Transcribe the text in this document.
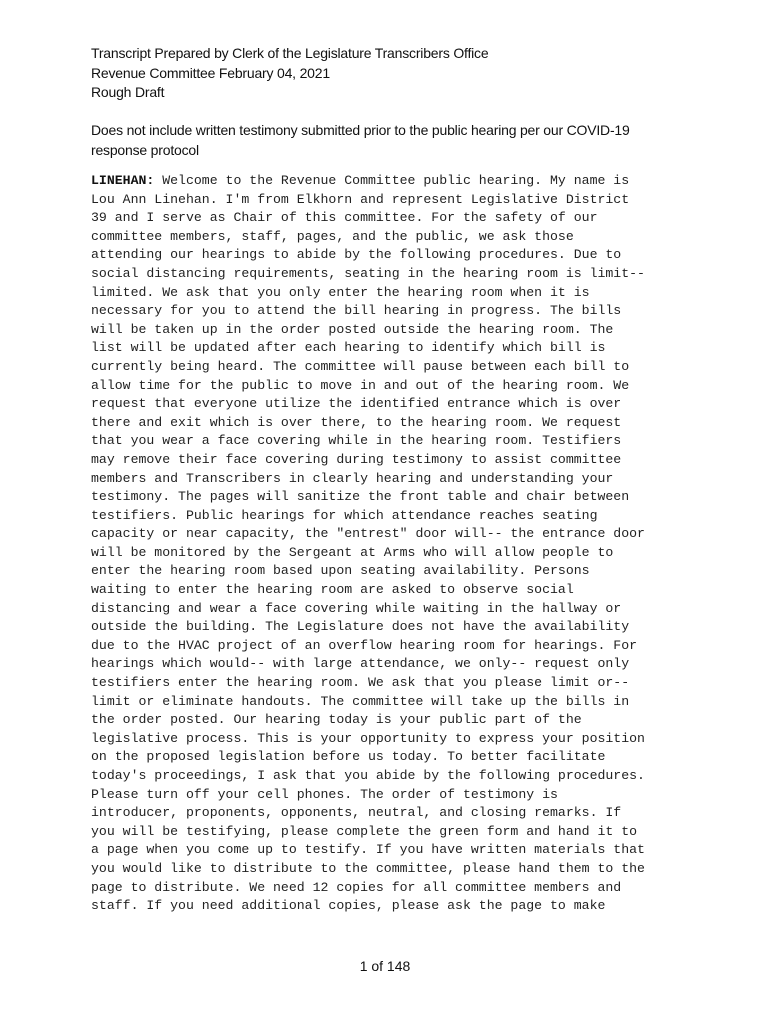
Transcript Prepared by Clerk of the Legislature Transcribers Office
Revenue Committee February 04, 2021
Rough Draft
Does not include written testimony submitted prior to the public hearing per our COVID-19
response protocol
LINEHAN: Welcome to the Revenue Committee public hearing. My name is
Lou Ann Linehan. I'm from Elkhorn and represent Legislative District
39 and I serve as Chair of this committee. For the safety of our
committee members, staff, pages, and the public, we ask those
attending our hearings to abide by the following procedures. Due to
social distancing requirements, seating in the hearing room is limit--
limited. We ask that you only enter the hearing room when it is
necessary for you to attend the bill hearing in progress. The bills
will be taken up in the order posted outside the hearing room. The
list will be updated after each hearing to identify which bill is
currently being heard. The committee will pause between each bill to
allow time for the public to move in and out of the hearing room. We
request that everyone utilize the identified entrance which is over
there and exit which is over there, to the hearing room. We request
that you wear a face covering while in the hearing room. Testifiers
may remove their face covering during testimony to assist committee
members and Transcribers in clearly hearing and understanding your
testimony. The pages will sanitize the front table and chair between
testifiers. Public hearings for which attendance reaches seating
capacity or near capacity, the "entrest" door will-- the entrance door
will be monitored by the Sergeant at Arms who will allow people to
enter the hearing room based upon seating availability. Persons
waiting to enter the hearing room are asked to observe social
distancing and wear a face covering while waiting in the hallway or
outside the building. The Legislature does not have the availability
due to the HVAC project of an overflow hearing room for hearings. For
hearings which would-- with large attendance, we only-- request only
testifiers enter the hearing room. We ask that you please limit or--
limit or eliminate handouts. The committee will take up the bills in
the order posted. Our hearing today is your public part of the
legislative process. This is your opportunity to express your position
on the proposed legislation before us today. To better facilitate
today's proceedings, I ask that you abide by the following procedures.
Please turn off your cell phones. The order of testimony is
introducer, proponents, opponents, neutral, and closing remarks. If
you will be testifying, please complete the green form and hand it to
a page when you come up to testify. If you have written materials that
you would like to distribute to the committee, please hand them to the
page to distribute. We need 12 copies for all committee members and
staff. If you need additional copies, please ask the page to make
1 of 148
